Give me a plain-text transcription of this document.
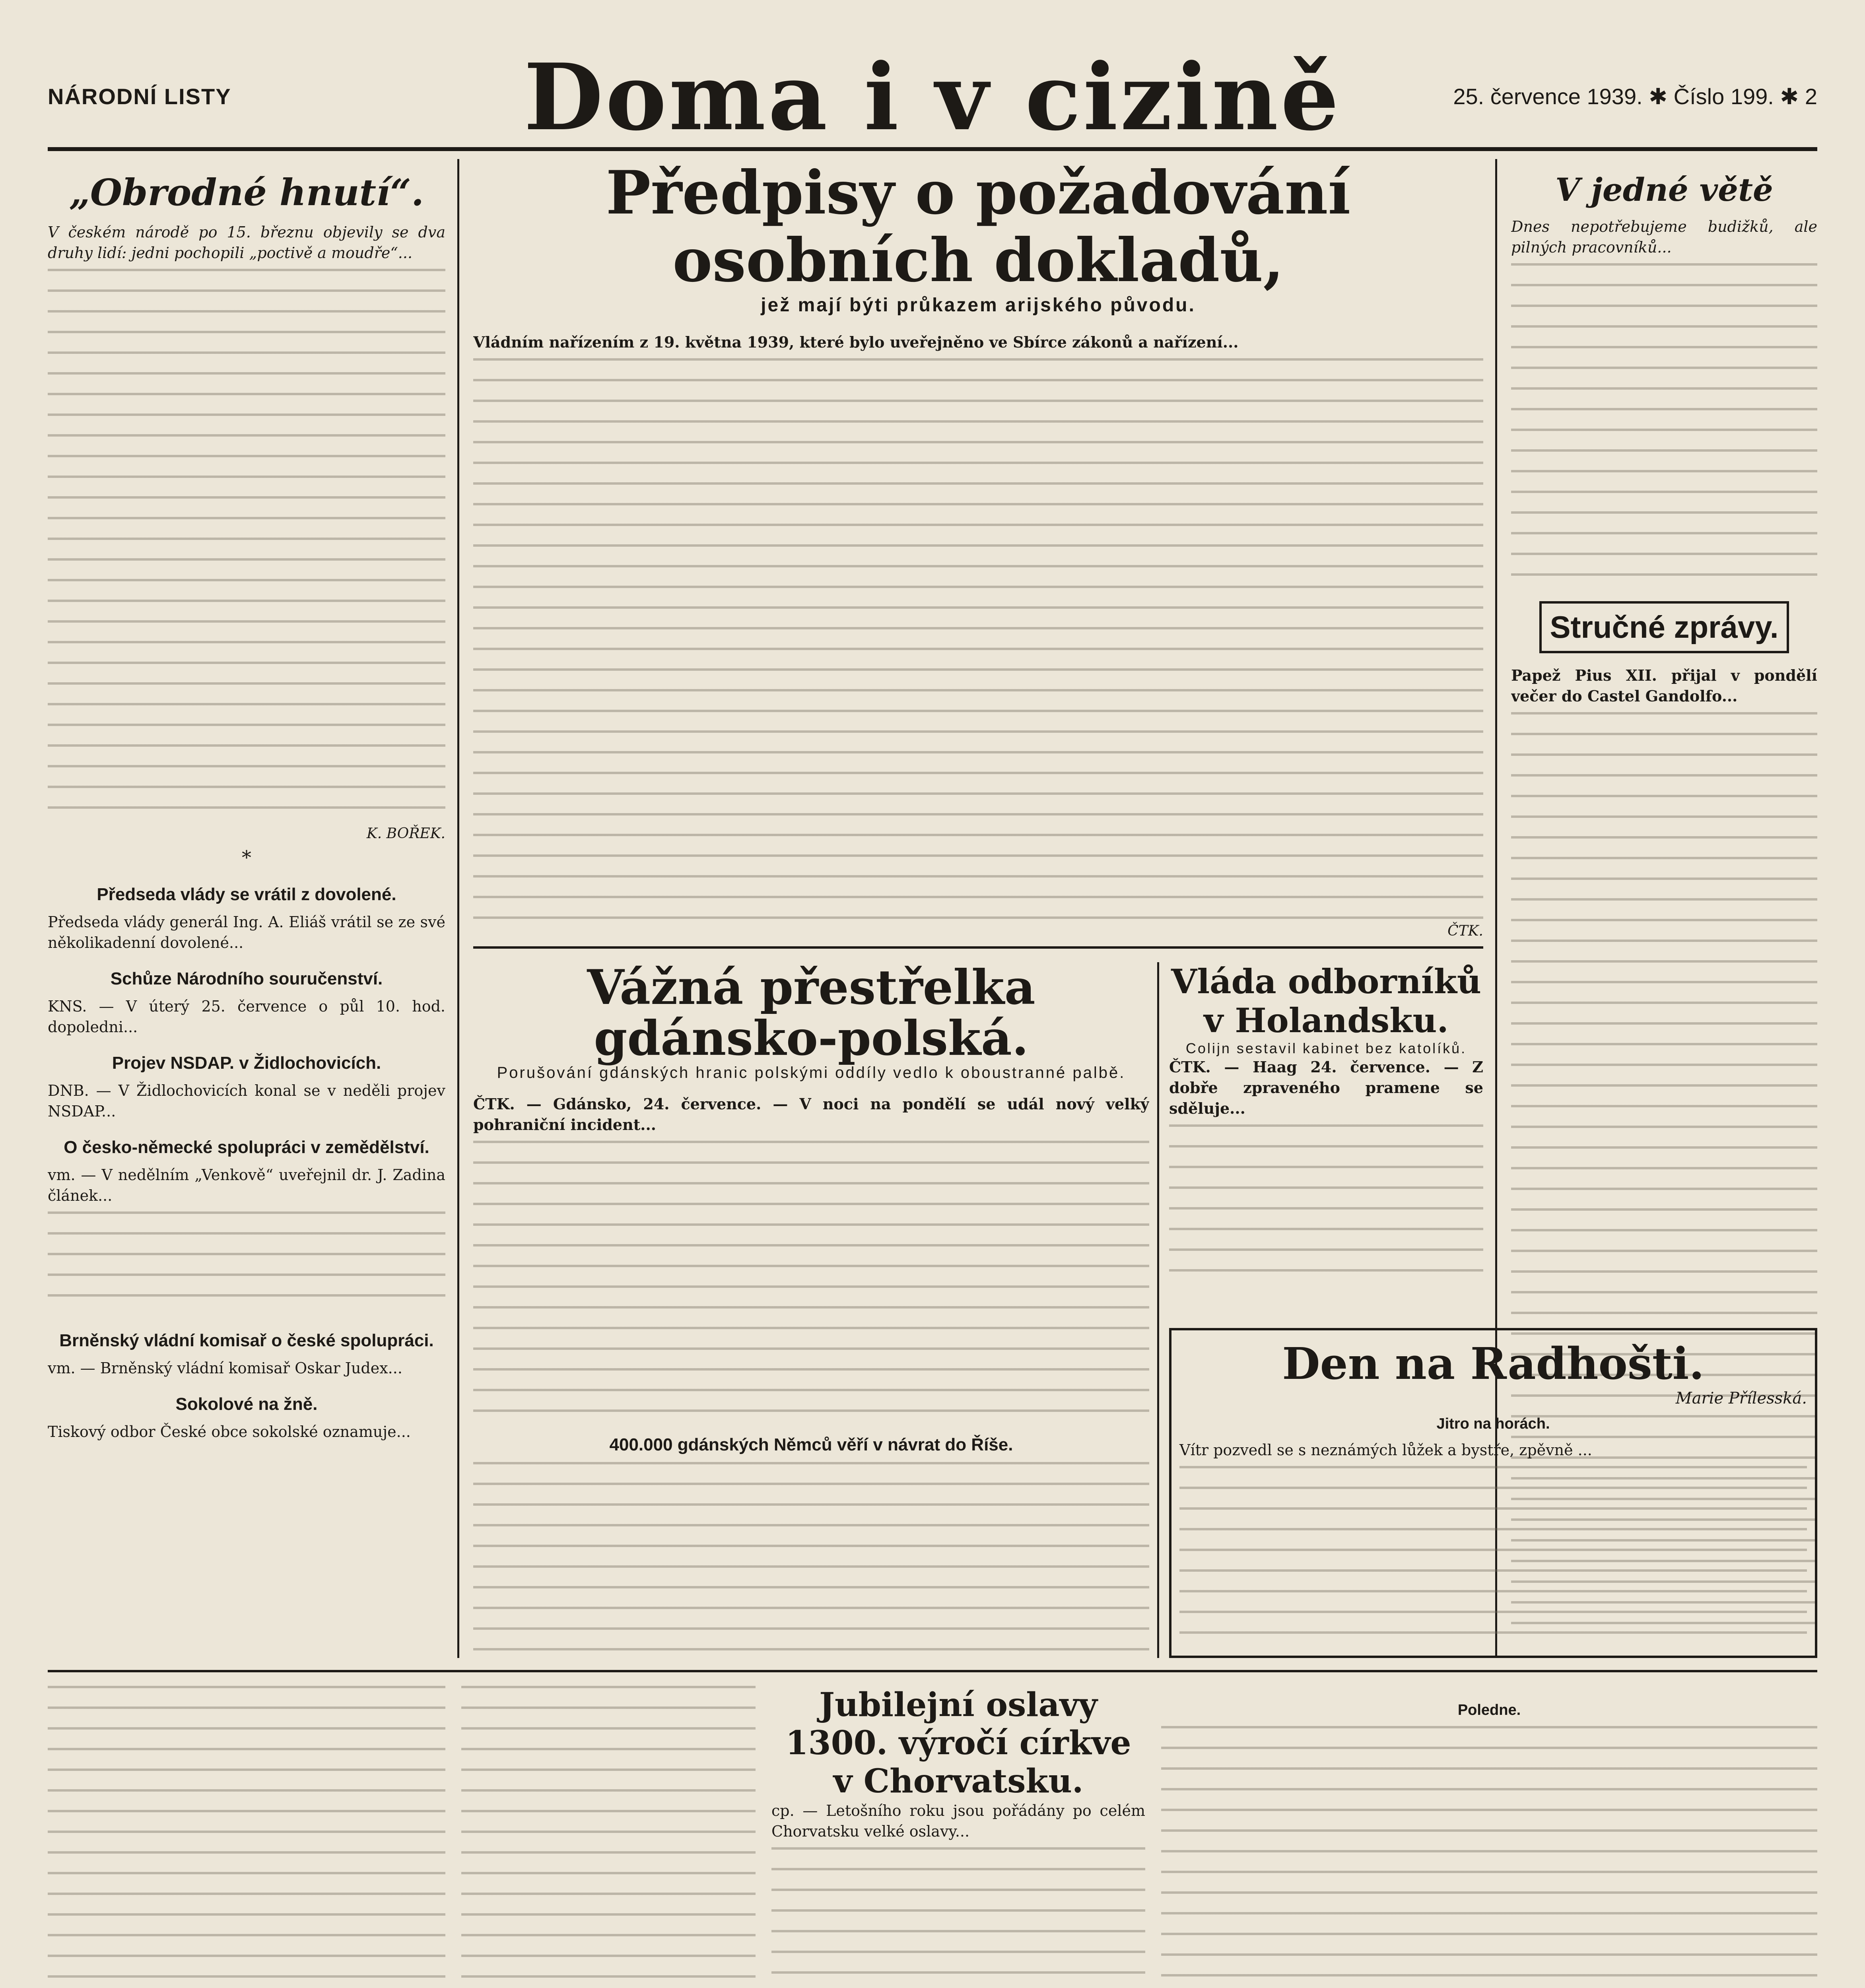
NÁRODNÍ LISTY	Doma i v cizině	25. července 1939. ✱ Číslo 199. ✱ 2
„Obrodné hnutí“.

V českém národě po 15. březnu objevily se dva druhy lidí: jedni pochopili „poctivě a moudře“...

K. BOŘEK.
*
Předseda vlády se vrátil z dovolené.

Předseda vlády generál Ing. A. Eliáš vrátil se ze své několikadenní dovolené...

Schůze Národního souručenství.

KNS. — V úterý 25. července o půl 10. hod. dopoledni...

Projev NSDAP. v Židlochovicích.

DNB. — V Židlochovicích konal se v neděli projev NSDAP...

O česko-německé spolupráci v zemědělství.

vm. — V nedělním „Venkově“ uveřejnil dr. J. Zadina článek...

Brněnský vládní komisař o české spolupráci.

vm. — Brněnský vládní komisař Oskar Judex...

Sokolové na žně.

Tiskový odbor České obce sokolské oznamuje...

Předpisy o požadování osobních dokladů,
jež mají býti průkazem arijského původu.

Vládním nařízením z 19. května 1939, které bylo uveřejněno ve Sbírce zákonů a nařízení...

ČTK.
V jedné větě

Dnes nepotřebujeme budižků, ale pilných pracovníků...

Stručné zprávy.

Papež Pius XII. přijal v pondělí večer do Castel Gandolfo...

Vážná přestřelka gdánsko-polská.
Porušování gdánských hranic polskými oddíly vedlo k oboustranné palbě.

ČTK. — Gdánsko, 24. července. — V noci na pondělí se udál nový velký pohraniční incident...

400.000 gdánských Němců věří v návrat do Říše.
Vláda odborníků v Holandsku.
Colijn sestavil kabinet bez katolíků.

ČTK. — Haag 24. července. — Z dobře zpraveného pramene se sděluje...

Den na Radhošti.
Marie Přílesská.
Jitro na horách.

Vítr pozvedl se s neznámých lůžek a bystře, zpěvně ...

Jubilejní oslavy 1300. výročí církve v Chorvatsku.

cp. — Letošního roku jsou pořádány po celém Chorvatsku velké oslavy...

Poledne.
